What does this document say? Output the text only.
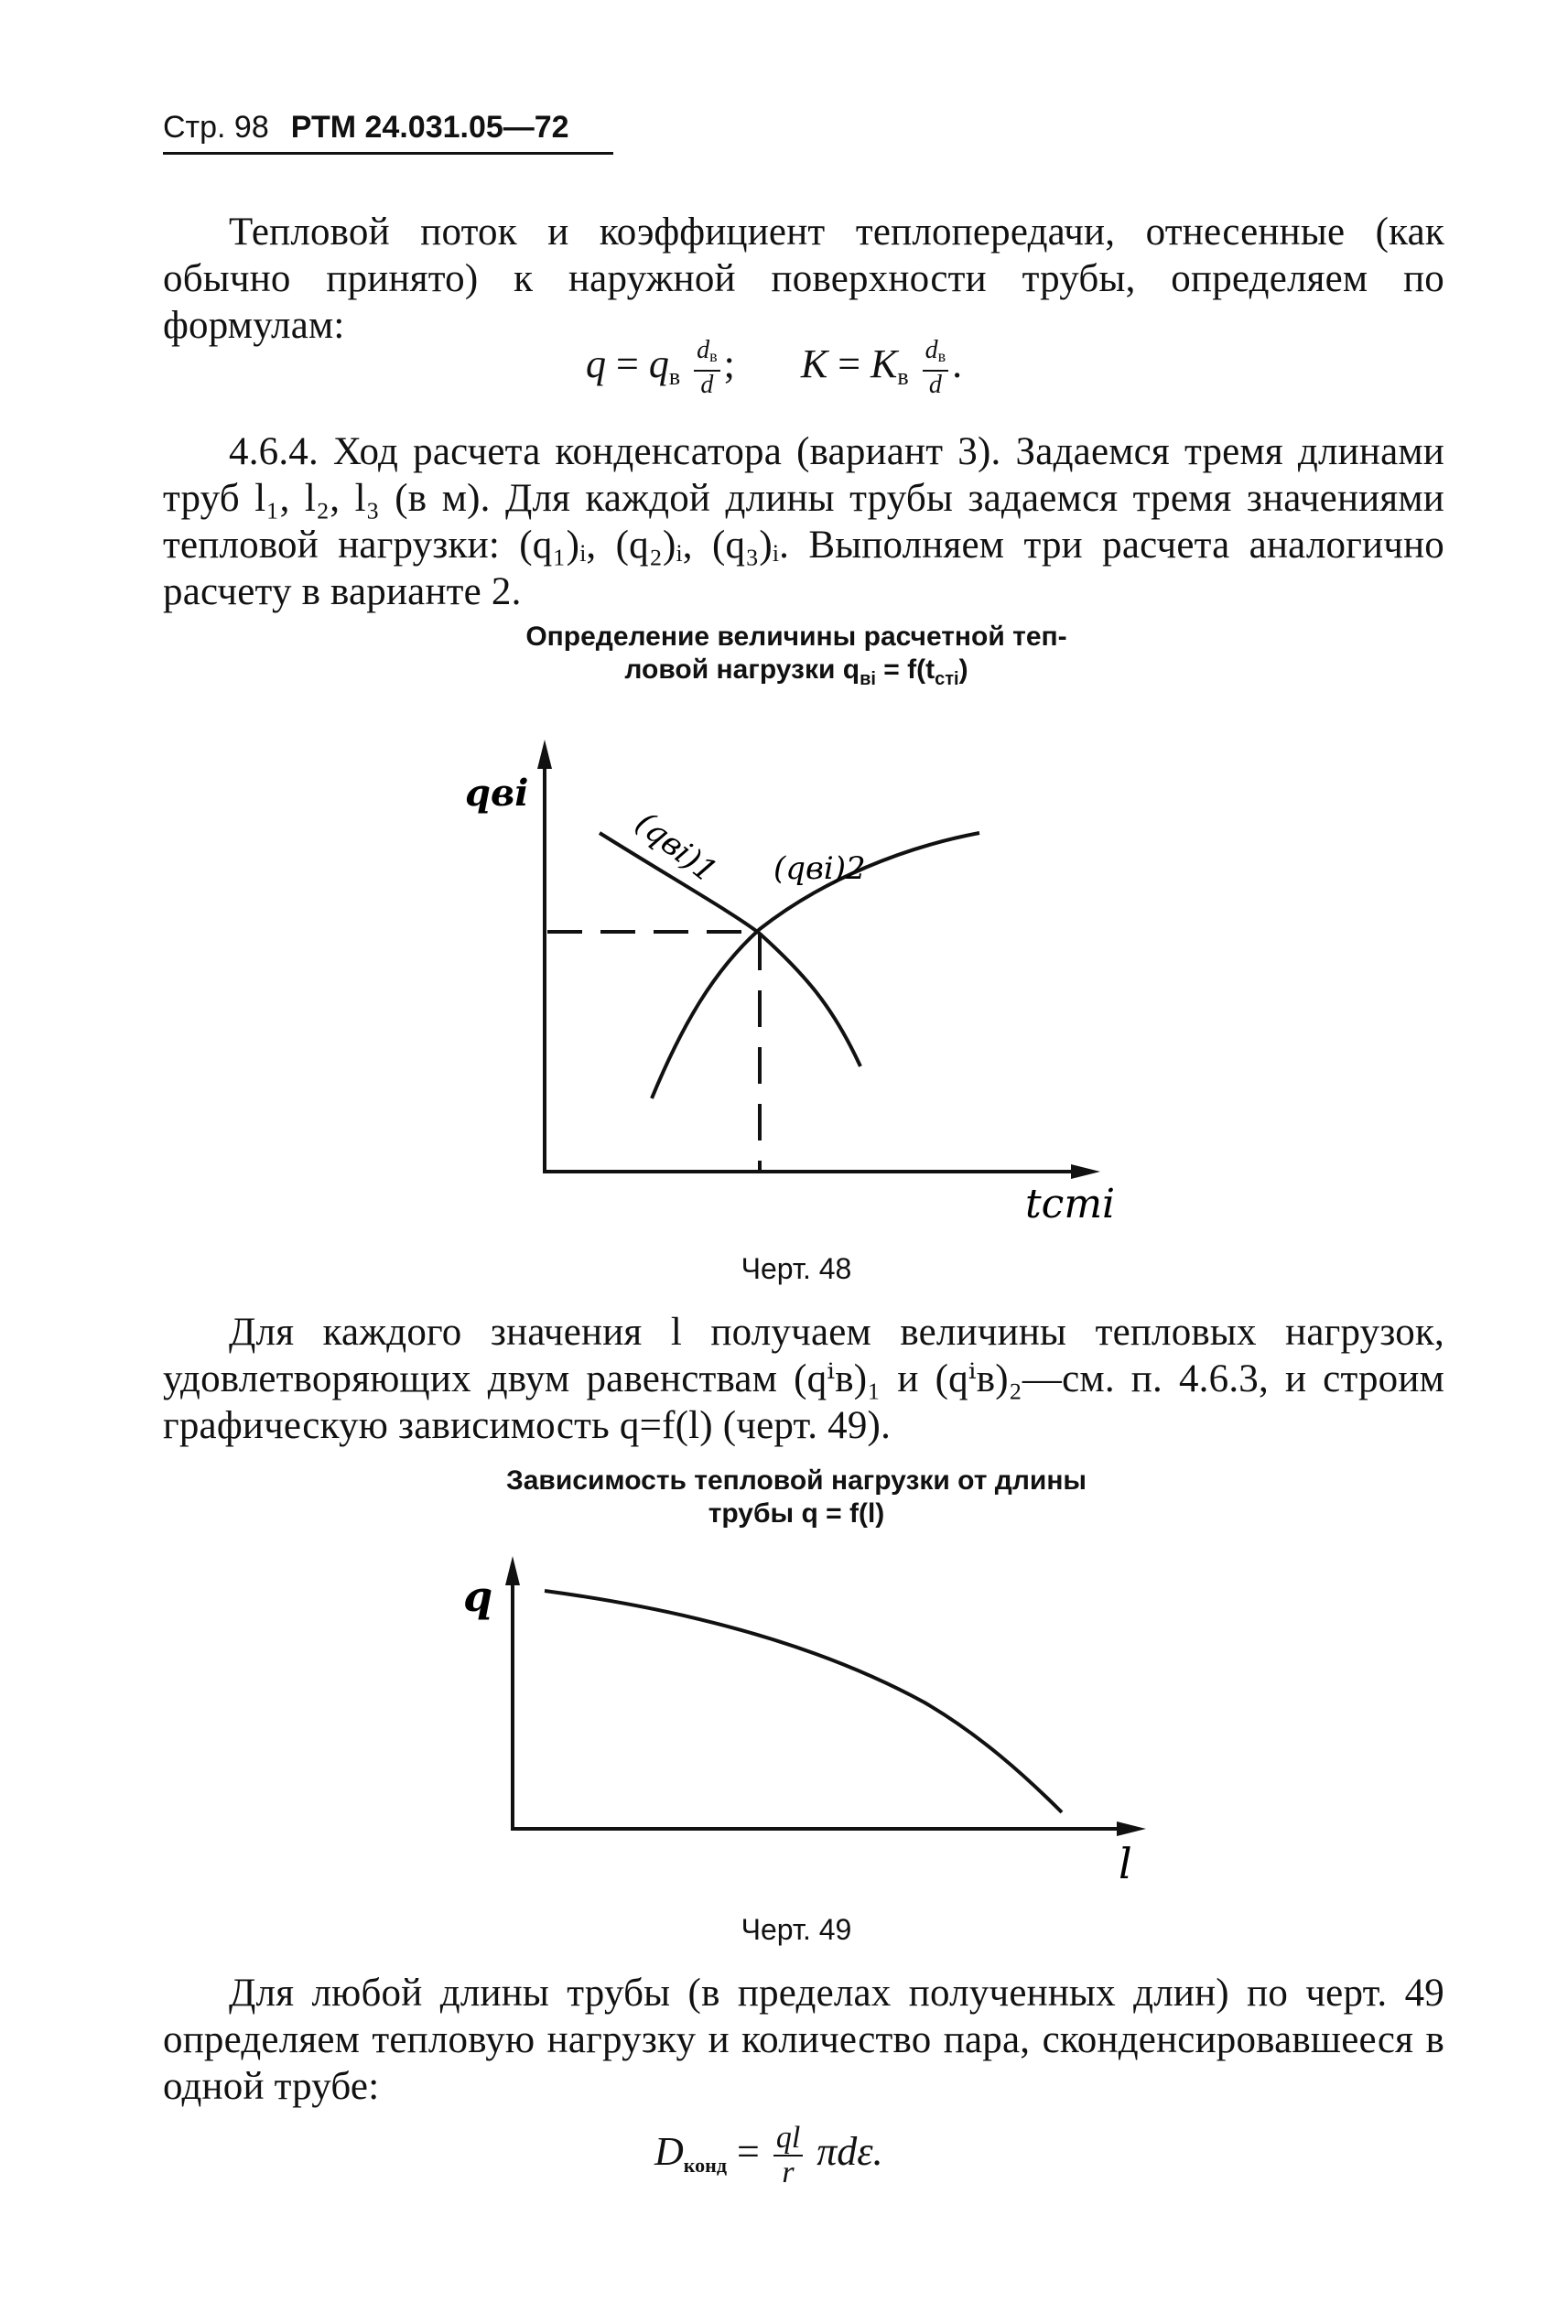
Стр. 98 РТМ 24.031.05—72
Тепловой поток и коэффициент теплопередачи, отнесенные (как обычно принято) к наружной поверхности трубы, определяем по формулам:
$q = q_в \frac{d_в}{d}$ ; $K = K_в \frac{d_в}{d}$ .
4.6.4. Ход расчета конденсатора (вариант 3). Задаемся тремя длинами труб l₁, l₂, l₃ (в м). Для каждой длины трубы задаемся тремя значениями тепловой нагрузки: (q₁)ᵢ, (q₂)ᵢ, (q₃)ᵢ. Выполняем три расчета аналогично расчету в варианте 2.
Определение величины расчетной теп-
ловой нагрузки $q_{вi} = f(t_{стi})$
qвi
tстi
(qвi)1 (qвi)2
Черт. 48
Для каждого значения l получаем величины тепловых нагрузок, удовлетворяющих двум равенствам (qⁱв)₁ и (qⁱв)₂—см. п. 4.6.3, и строим графическую зависимость q=f(l) (черт. 49).
Зависимость тепловой нагрузки от длины
трубы q = f(l)
q
l
Черт. 49
Для любой длины трубы (в пределах полученных длин) по черт. 49 определяем тепловую нагрузку и количество пара, сконденсировавшееся в одной трубе:
$D_{конд} = \frac{ql}{r} \pi d\varepsilon$.
